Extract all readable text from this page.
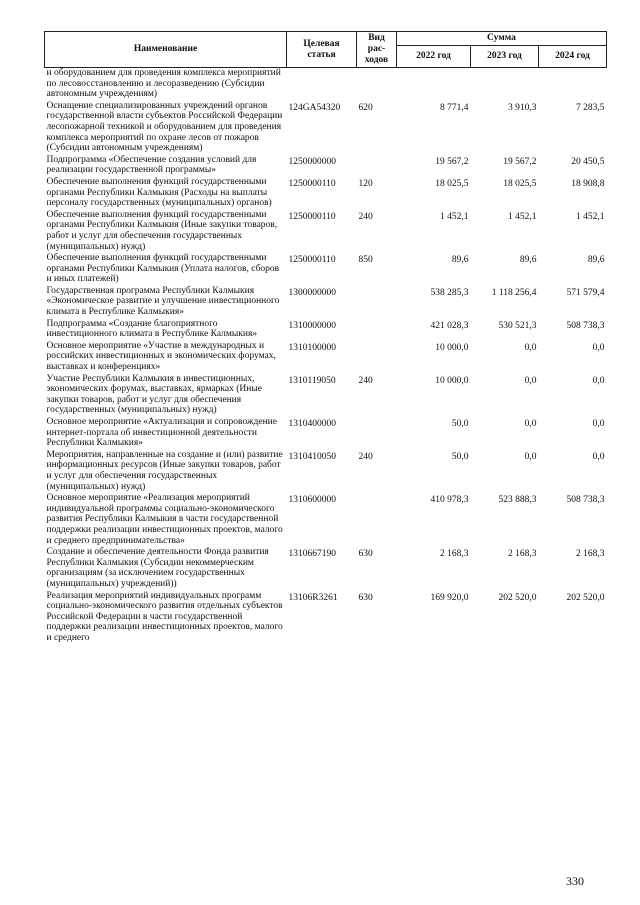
Наименование	Целевая статья	Вид рас-ходов	Сумма		
			2022 год	2023 год	2024 год
и оборудованием для проведения комплекса мероприятий по лесовосстановлению и лесоразведению (Субсидии автономным учреждениям)					
Оснащение специализированных учреждений органов государственной власти субъектов Российской Федерации лесопожарной техникой и оборудованием для проведения комплекса мероприятий по охране лесов от пожаров (Субсидии автономным учреждениям)	124GA54320	620	8 771,4	3 910,3	7 283,5
Подпрограмма «Обеспечение создания условий для реализации государственной программы»	1250000000		19 567,2	19 567,2	20 450,5
Обеспечение выполнения функций государственными органами Республики Калмыкия (Расходы на выплаты персоналу государственных (муниципальных) органов)	1250000110	120	18 025,5	18 025,5	18 908,8
Обеспечение выполнения функций государственными органами Республики Калмыкия (Иные закупки товаров, работ и услуг для обеспечения государственных (муниципальных) нужд)	1250000110	240	1 452,1	1 452,1	1 452,1
Обеспечение выполнения функций государственными органами Республики Калмыкия (Уплата налогов, сборов и иных платежей)	1250000110	850	89,6	89,6	89,6
Государственная программа Республики Калмыкия «Экономическое развитие и улучшение инвестиционного климата в Республике Калмыкия»	1300000000		538 285,3	1 118 256,4	571 579,4
Подпрограмма «Создание благоприятного инвестиционного климата в Республике Калмыкия»	1310000000		421 028,3	530 521,3	508 738,3
Основное мероприятие «Участие в международных и российских инвестиционных и экономических форумах, выставках и конференциях»	1310100000		10 000,0	0,0	0,0
Участие Республики Калмыкия в инвестиционных, экономических форумах, выставках, ярмарках (Иные закупки товаров, работ и услуг для обеспечения государственных (муниципальных) нужд)	1310119050	240	10 000,0	0,0	0,0
Основное мероприятие «Актуализация и сопровождение интернет-портала об инвестиционной деятельности Республики Калмыкия»	1310400000		50,0	0,0	0,0
Мероприятия, направленные на создание и (или) развитие информационных ресурсов (Иные закупки товаров, работ и услуг для обеспечения государственных (муниципальных) нужд)	1310410050	240	50,0	0,0	0,0
Основное мероприятие «Реализация мероприятий индивидуальной программы социально-экономического развития Республики Калмыкия в части государственной поддержки реализации инвестиционных проектов, малого и среднего предпринимательства»	1310600000		410 978,3	523 888,3	508 738,3
Создание и обеспечение деятельности Фонда развития Республики Калмыкия (Субсидии некоммерческим организациям (за исключением государственных (муниципальных) учреждений))	1310667190	630	2 168,3	2 168,3	2 168,3
Реализация мероприятий индивидуальных программ социально-экономического развития отдельных субъектов Российской Федерации в части государственной поддержки реализации инвестиционных проектов, малого и среднего	13106R3261	630	169 920,0	202 520,0	202 520,0
330
